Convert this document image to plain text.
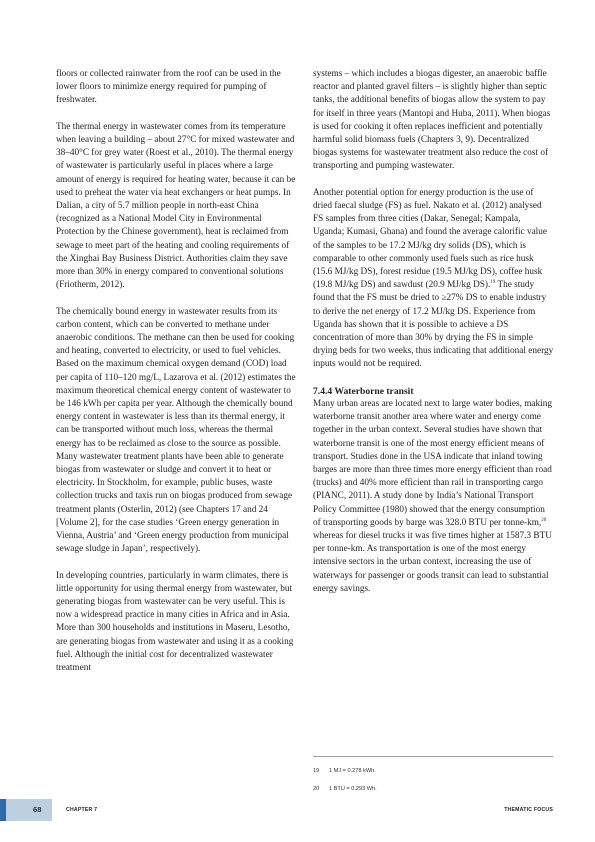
floors or collected rainwater from the roof can be used in the lower floors to minimize energy required for pumping of freshwater.

The thermal energy in wastewater comes from its temperature when leaving a building – about 27°C for mixed wastewater and 38–40°C for grey water (Roest et al., 2010). The thermal energy of wastewater is particularly useful in places where a large amount of energy is required for heating water, because it can be used to preheat the water via heat exchangers or heat pumps. In Dalian, a city of 5.7 million people in north-east China (recognized as a National Model City in Environmental Protection by the Chinese government), heat is reclaimed from sewage to meet part of the heating and cooling requirements of the Xinghai Bay Business District. Authorities claim they save more than 30% in energy compared to conventional solutions (Friotherm, 2012).

The chemically bound energy in wastewater results from its carbon content, which can be converted to methane under anaerobic conditions. The methane can then be used for cooking and heating, converted to electricity, or used to fuel vehicles. Based on the maximum chemical oxygen demand (COD) load per capita of 110–120 mg/L, Lazarova et al. (2012) estimates the maximum theoretical chemical energy content of wastewater to be 146 kWh per capita per year. Although the chemically bound energy content in wastewater is less than its thermal energy, it can be transported without much loss, whereas the thermal energy has to be reclaimed as close to the source as possible. Many wastewater treatment plants have been able to generate biogas from wastewater or sludge and convert it to heat or electricity. In Stockholm, for example, public buses, waste collection trucks and taxis run on biogas produced from sewage treatment plants (Osterlin, 2012) (see Chapters 17 and 24 [Volume 2], for the case studies ‘Green energy generation in Vienna, Austria’ and ‘Green energy production from municipal sewage sludge in Japan’, respectively).

In developing countries, particularly in warm climates, there is little opportunity for using thermal energy from wastewater, but generating biogas from wastewater can be very useful. This is now a widespread practice in many cities in Africa and in Asia. More than 300 households and institutions in Maseru, Lesotho, are generating biogas from wastewater and using it as a cooking fuel. Although the initial cost for decentralized wastewater treatment

systems – which includes a biogas digester, an anaerobic baffle reactor and planted gravel filters – is slightly higher than septic tanks, the additional benefits of biogas allow the system to pay for itself in three years (Mantopi and Huba, 2011). When biogas is used for cooking it often replaces inefficient and potentially harmful solid biomass fuels (Chapters 3, 9). Decentralized biogas systems for wastewater treatment also reduce the cost of transporting and pumping wastewater.

Another potential option for energy production is the use of dried faecal sludge (FS) as fuel. Nakato et al. (2012) analysed FS samples from three cities (Dakar, Senegal; Kampala, Uganda; Kumasi, Ghana) and found the average calorific value of the samples to be 17.2 MJ/kg dry solids (DS), which is comparable to other commonly used fuels such as rice husk (15.6 MJ/kg DS), forest residue (19.5 MJ/kg DS), coffee husk (19.8 MJ/kg DS) and sawdust (20.9 MJ/kg DS).$^{19}$ The study found that the FS must be dried to ≥27% DS to enable industry to derive the net energy of 17.2 MJ/kg DS. Experience from Uganda has shown that it is possible to achieve a DS concentration of more than 30% by drying the FS in simple drying beds for two weeks, thus indicating that additional energy inputs would not be required.

7.4.4 Waterborne transit

Many urban areas are located next to large water bodies, making waterborne transit another area where water and energy come together in the urban context. Several studies have shown that waterborne transit is one of the most energy efficient means of transport. Studies done in the USA indicate that inland towing barges are more than three times more energy efficient than road (trucks) and 40% more efficient than rail in transporting cargo (PIANC, 2011). A study done by India’s National Transport Policy Committee (1980) showed that the energy consumption of transporting goods by barge was 328.0 BTU per tonne-km,$^{20}$ whereas for diesel trucks it was five times higher at 1587.3 BTU per tonne-km. As transportation is one of the most energy intensive sectors in the urban context, increasing the use of waterways for passenger or goods transit can lead to substantial energy savings.

19 1 MJ = 0.278 kWh.
20 1 BTU = 0.293 Wh.
68	CHAPTER 7	THEMATIC FOCUS
